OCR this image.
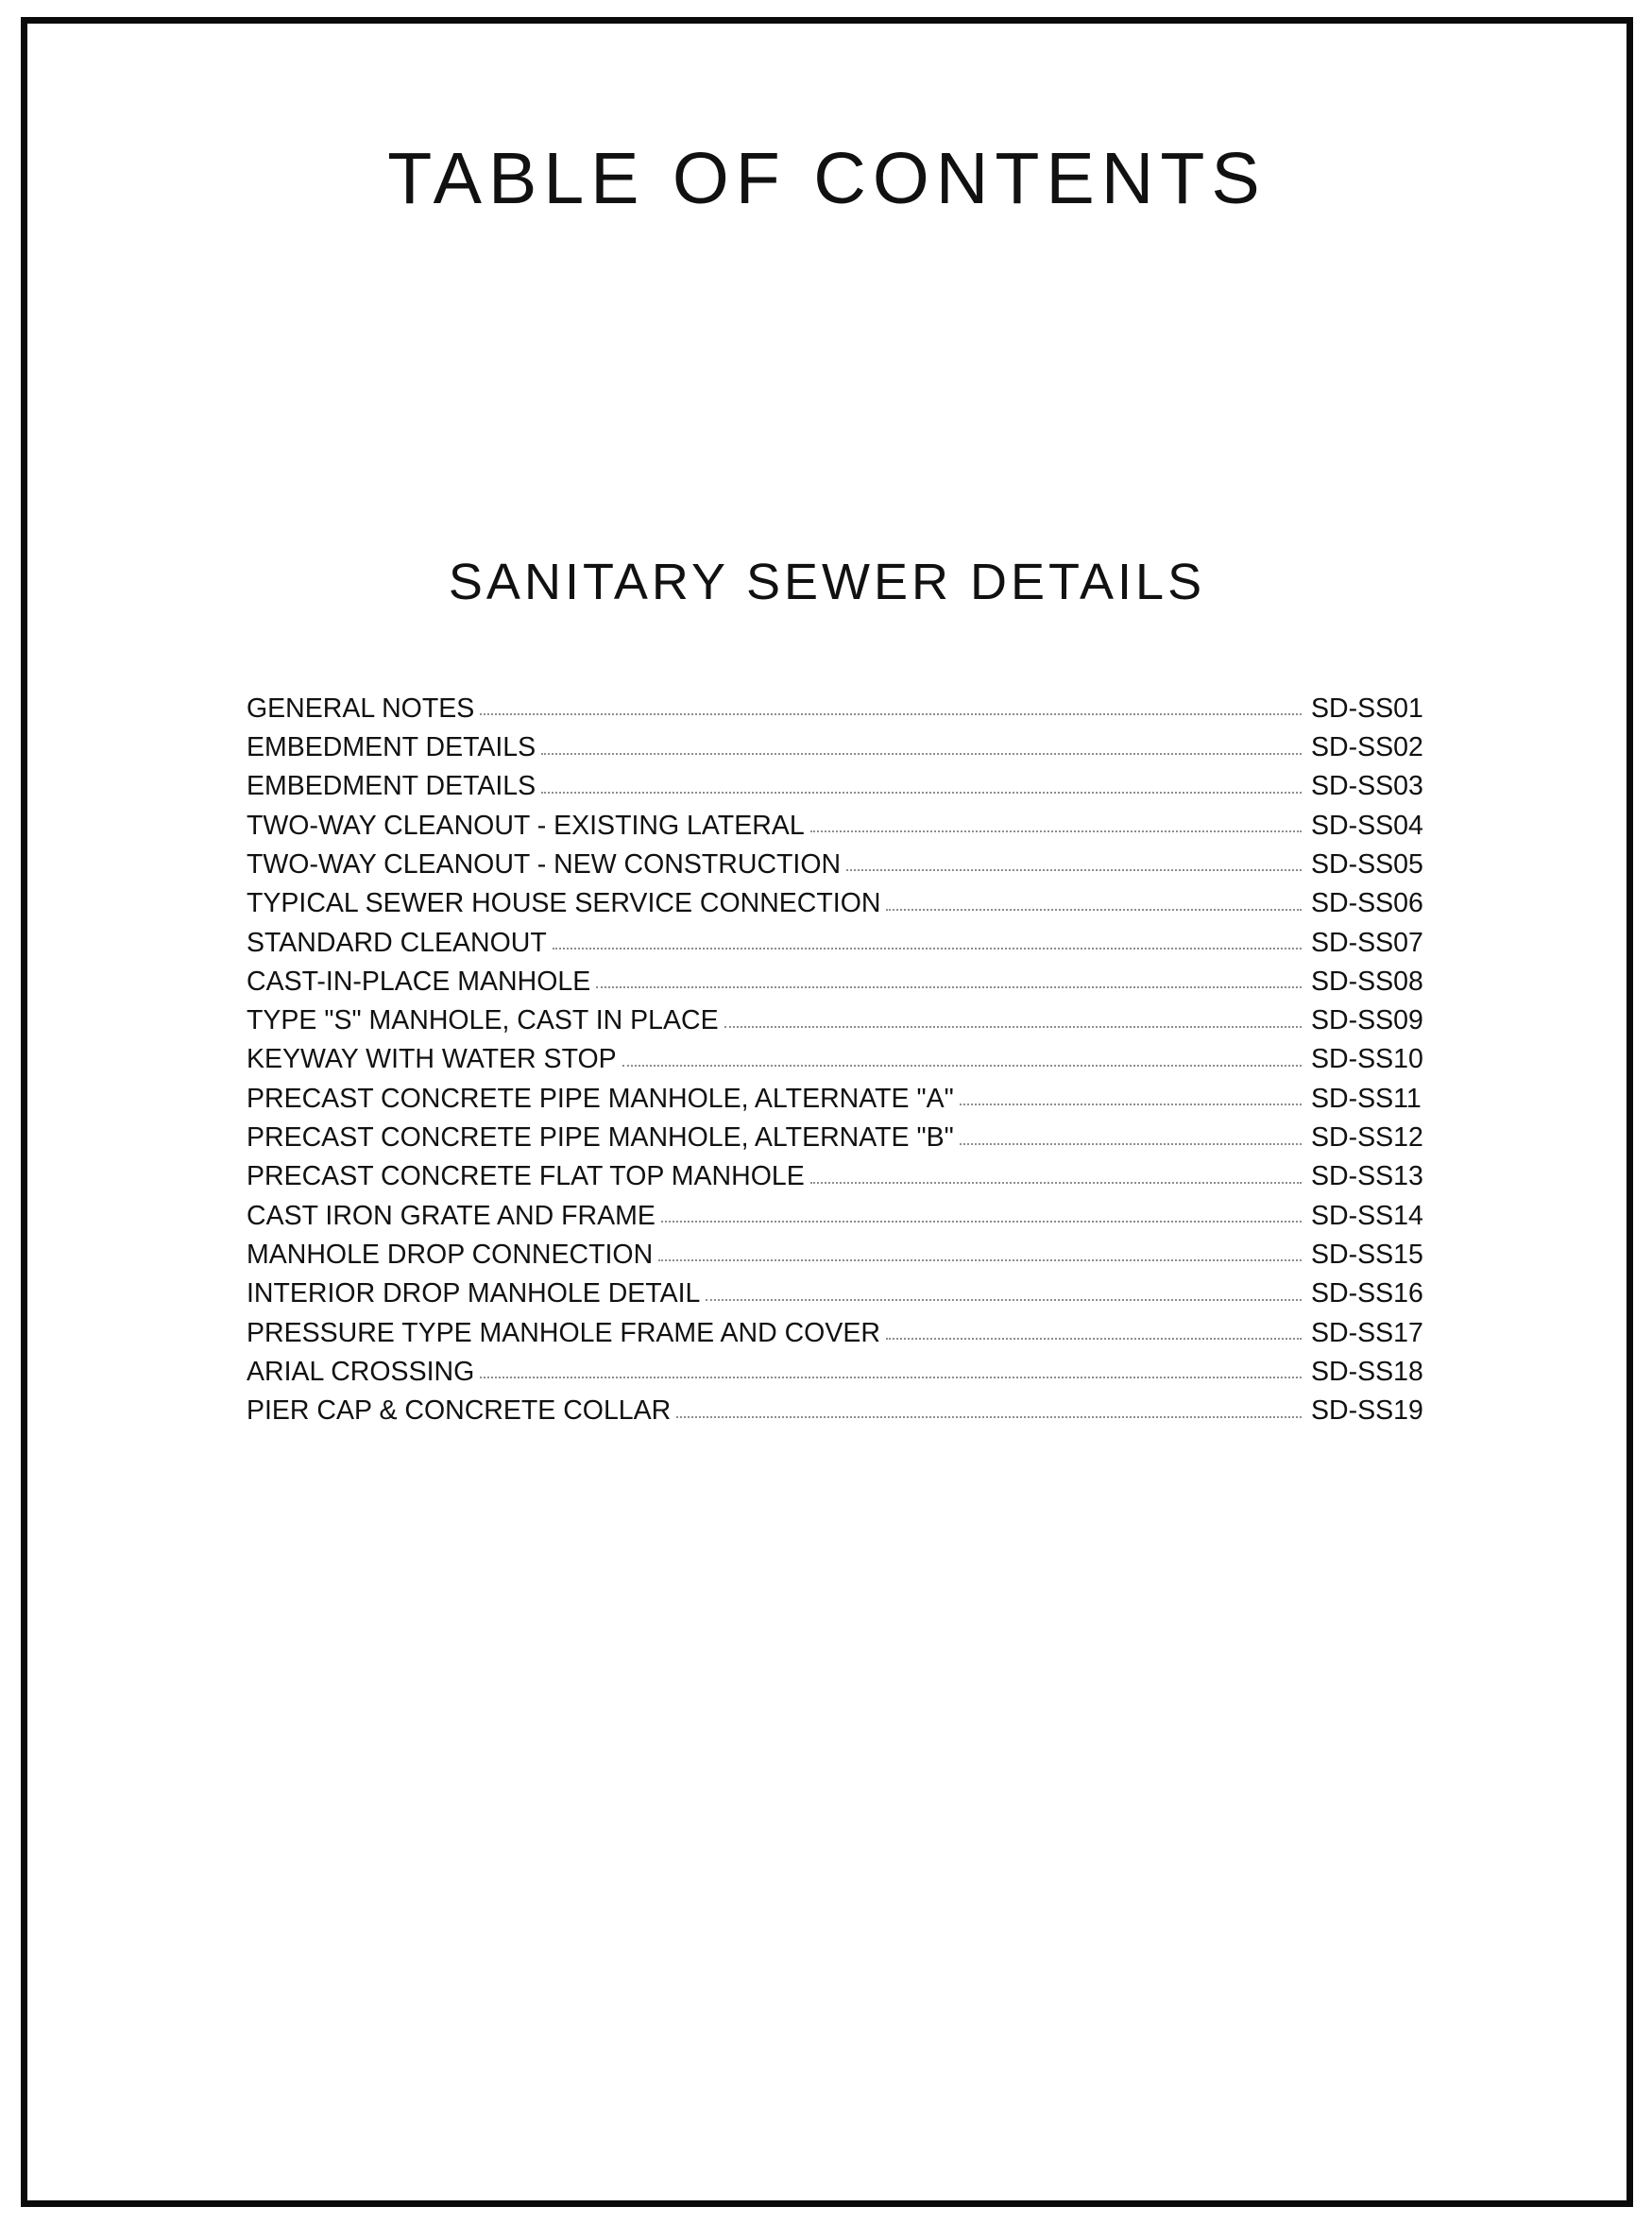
TABLE OF CONTENTS
SANITARY SEWER DETAILS
GENERAL NOTES	SD-SS01
EMBEDMENT DETAILS	SD-SS02
EMBEDMENT DETAILS	SD-SS03
TWO-WAY CLEANOUT - EXISTING LATERAL	SD-SS04
TWO-WAY CLEANOUT - NEW CONSTRUCTION	SD-SS05
TYPICAL SEWER HOUSE SERVICE CONNECTION	SD-SS06
STANDARD CLEANOUT	SD-SS07
CAST-IN-PLACE MANHOLE	SD-SS08
TYPE "S" MANHOLE, CAST IN PLACE	SD-SS09
KEYWAY WITH WATER STOP	SD-SS10
PRECAST CONCRETE PIPE MANHOLE, ALTERNATE "A"	SD-SS11
PRECAST CONCRETE PIPE MANHOLE, ALTERNATE "B"	SD-SS12
PRECAST CONCRETE FLAT TOP MANHOLE	SD-SS13
CAST IRON GRATE AND FRAME	SD-SS14
MANHOLE DROP CONNECTION	SD-SS15
INTERIOR DROP MANHOLE DETAIL	SD-SS16
PRESSURE TYPE MANHOLE FRAME AND COVER	SD-SS17
ARIAL CROSSING	SD-SS18
PIER CAP & CONCRETE COLLAR	SD-SS19
